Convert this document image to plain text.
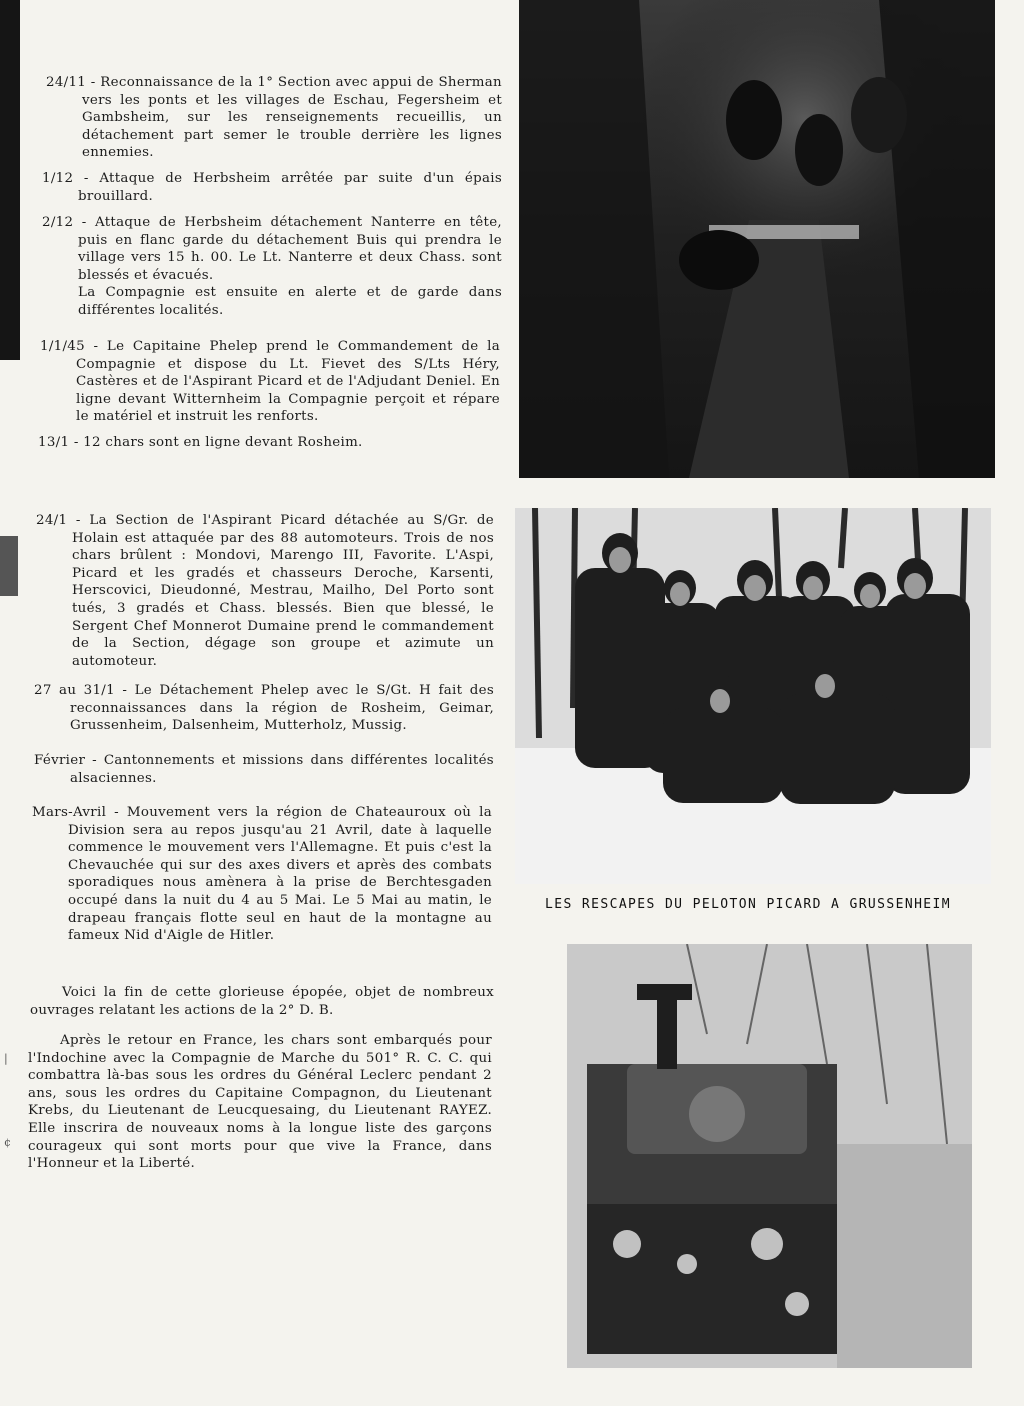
24/11 - Reconnaissance de la 1° Section avec appui de Sherman vers les ponts et les villages de Eschau, Fegersheim et Gambsheim, sur les renseignements recueillis, un détachement part semer le trouble derrière les lignes ennemies.

1/12 - Attaque de Herbsheim arrêtée par suite d'un épais brouillard.

2/12 - Attaque de Herbsheim détachement Nanterre en tête, puis en flanc garde du détachement Buis qui prendra le village vers 15 h. 00. Le Lt. Nanterre et deux Chass. sont blessés et évacués.

La Compagnie est ensuite en alerte et de garde dans différentes localités.

1/1/45 - Le Capitaine Phelep prend le Commandement de la Compagnie et dispose du Lt. Fievet des S/Lts Héry, Castères et de l'Aspirant Picard et de l'Adjudant Deniel. En ligne devant Witternheim la Compagnie perçoit et répare le matériel et instruit les renforts.

13/1 - 12 chars sont en ligne devant Rosheim.

24/1 - La Section de l'Aspirant Picard détachée au S/Gr. de Holain est attaquée par des 88 automoteurs. Trois de nos chars brûlent : Mondovi, Marengo III, Favorite. L'Aspi, Picard et les gradés et chasseurs Deroche, Karsenti, Herscovici, Dieudonné, Mestrau, Mailho, Del Porto sont tués, 3 gradés et Chass. blessés. Bien que blessé, le Sergent Chef Monnerot Dumaine prend le commandement de la Section, dégage son groupe et azimute un automoteur.

27 au 31/1 - Le Détachement Phelep avec le S/Gt. H fait des reconnaissances dans la région de Rosheim, Geimar, Grussenheim, Dalsenheim, Mutterholz, Mussig.

Février - Cantonnements et missions dans différentes localités alsaciennes.

Mars-Avril - Mouvement vers la région de Chateauroux où la Division sera au repos jusqu'au 21 Avril, date à laquelle commence le mouvement vers l'Allemagne. Et puis c'est la Chevauchée qui sur des axes divers et après des combats sporadiques nous amènera à la prise de Berchtesgaden occupé dans la nuit du 4 au 5 Mai. Le 5 Mai au matin, le drapeau français flotte seul en haut de la montagne au fameux Nid d'Aigle de Hitler.

Voici la fin de cette glorieuse épopée, objet de nombreux ouvrages relatant les actions de la 2° D. B.

Après le retour en France, les chars sont embarqués pour l'Indochine avec la Compagnie de Marche du 501° R. C. C. qui combattra là-bas sous les ordres du Général Leclerc pendant 2 ans, sous les ordres du Capitaine Compagnon, du Lieutenant Krebs, du Lieutenant de Leucquesaing, du Lieutenant RAYEZ. Elle inscrira de nouveaux noms à la longue liste des garçons courageux qui sont morts pour que vive la France, dans l'Honneur et la Liberté.

|
¢
LES RESCAPES DU PELOTON PICARD A GRUSSENHEIM
